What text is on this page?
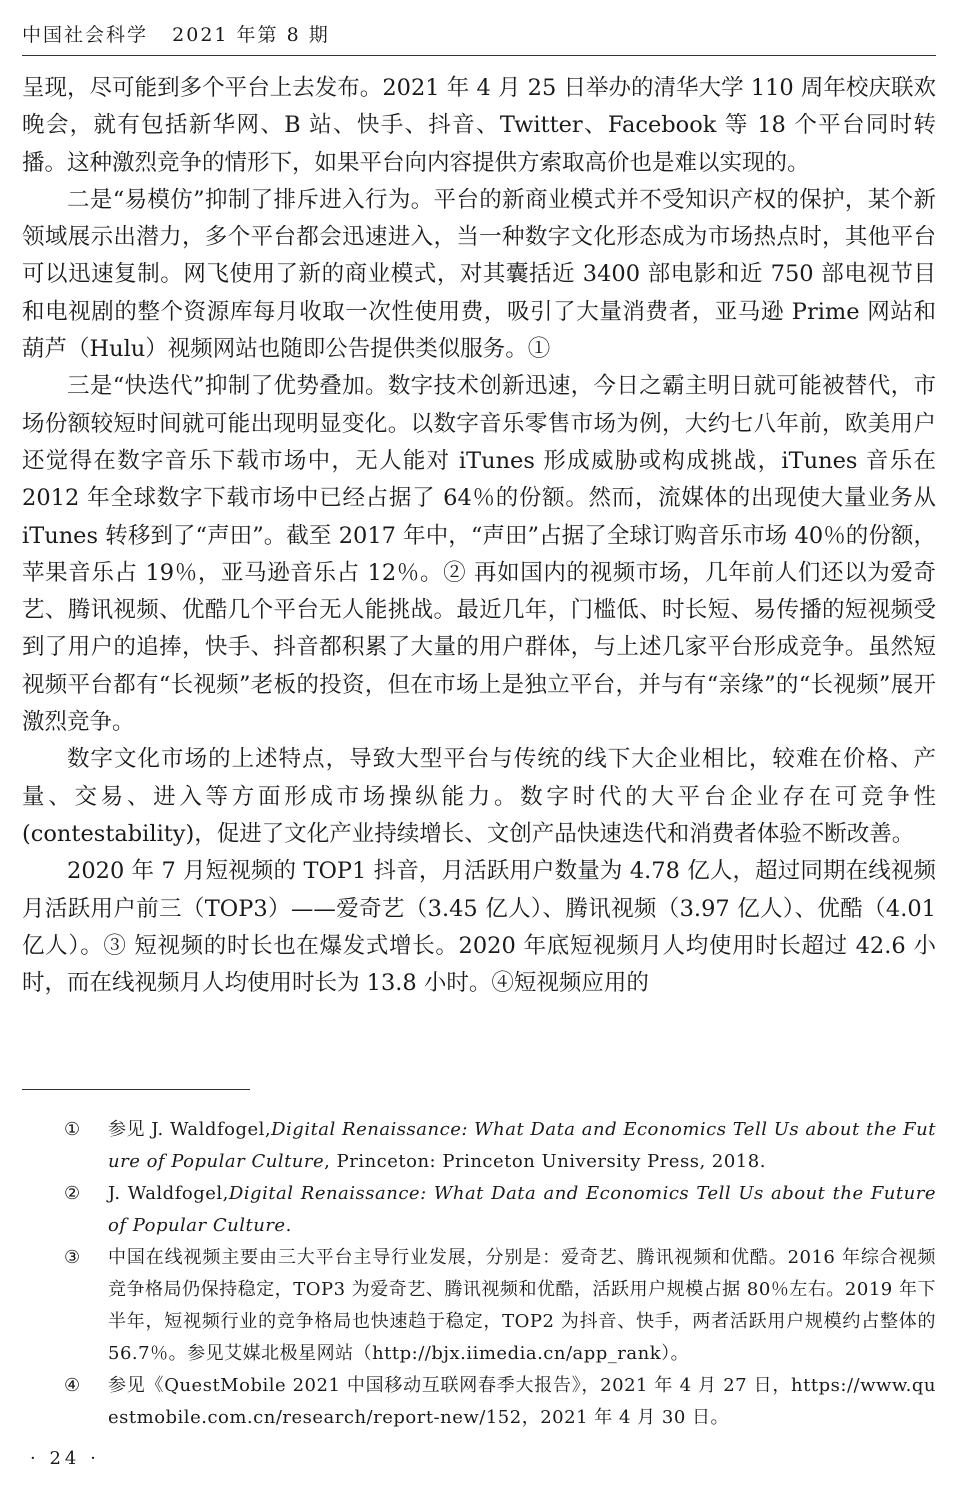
中国社会科学 2021 年第 8 期

呈现，尽可能到多个平台上去发布。2021 年 4 月 25 日举办的清华大学 110 周年校庆联欢晚会，就有包括新华网、B 站、快手、抖音、Twitter、Facebook 等 18 个平台同时转播。这种激烈竞争的情形下，如果平台向内容提供方索取高价也是难以实现的。

二是“易模仿”抑制了排斥进入行为。平台的新商业模式并不受知识产权的保护，某个新领域展示出潜力，多个平台都会迅速进入，当一种数字文化形态成为市场热点时，其他平台可以迅速复制。网飞使用了新的商业模式，对其囊括近 3400 部电影和近 750 部电视节目和电视剧的整个资源库每月收取一次性使用费，吸引了大量消费者，亚马逊 Prime 网站和葫芦（Hulu）视频网站也随即公告提供类似服务。①

三是“快迭代”抑制了优势叠加。数字技术创新迅速，今日之霸主明日就可能被替代，市场份额较短时间就可能出现明显变化。以数字音乐零售市场为例，大约七八年前，欧美用户还觉得在数字音乐下载市场中，无人能对 iTunes 形成威胁或构成挑战，iTunes 音乐在 2012 年全球数字下载市场中已经占据了 64％的份额。然而，流媒体的出现使大量业务从 iTunes 转移到了“声田”。截至 2017 年中，“声田”占据了全球订购音乐市场 40％的份额，苹果音乐占 19％，亚马逊音乐占 12％。② 再如国内的视频市场，几年前人们还以为爱奇艺、腾讯视频、优酷几个平台无人能挑战。最近几年，门槛低、时长短、易传播的短视频受到了用户的追捧，快手、抖音都积累了大量的用户群体，与上述几家平台形成竞争。虽然短视频平台都有“长视频”老板的投资，但在市场上是独立平台，并与有“亲缘”的“长视频”展开激烈竞争。

数字文化市场的上述特点，导致大型平台与传统的线下大企业相比，较难在价格、产量、交易、进入等方面形成市场操纵能力。数字时代的大平台企业存在可竞争性(contestability)，促进了文化产业持续增长、文创产品快速迭代和消费者体验不断改善。

2020 年 7 月短视频的 TOP1 抖音，月活跃用户数量为 4.78 亿人，超过同期在线视频月活跃用户前三（TOP3）——爱奇艺（3.45 亿人）、腾讯视频（3.97 亿人）、优酷（4.01 亿人）。③ 短视频的时长也在爆发式增长。2020 年底短视频月人均使用时长超过 42.6 小时，而在线视频月人均使用时长为 13.8 小时。④短视频应用的

①	参见 J. Waldfogel,Digital Renaissance: What Data and Economics Tell Us about the Future of Popular Culture, Princeton: Princeton University Press, 2018.
②	J. Waldfogel,Digital Renaissance: What Data and Economics Tell Us about the Future of Popular Culture.
③	中国在线视频主要由三大平台主导行业发展，分别是：爱奇艺、腾讯视频和优酷。2016 年综合视频竞争格局仍保持稳定，TOP3 为爱奇艺、腾讯视频和优酷，活跃用户规模占据 80％左右。2019 年下半年，短视频行业的竞争格局也快速趋于稳定，TOP2 为抖音、快手，两者活跃用户规模约占整体的 56.7％。参见艾媒北极星网站（http://bjx.iimedia.cn/app_rank）。
④	参见《QuestMobile 2021 中国移动互联网春季大报告》，2021 年 4 月 27 日，https://www.questmobile.com.cn/research/report-new/152，2021 年 4 月 30 日。
· 24 ·
